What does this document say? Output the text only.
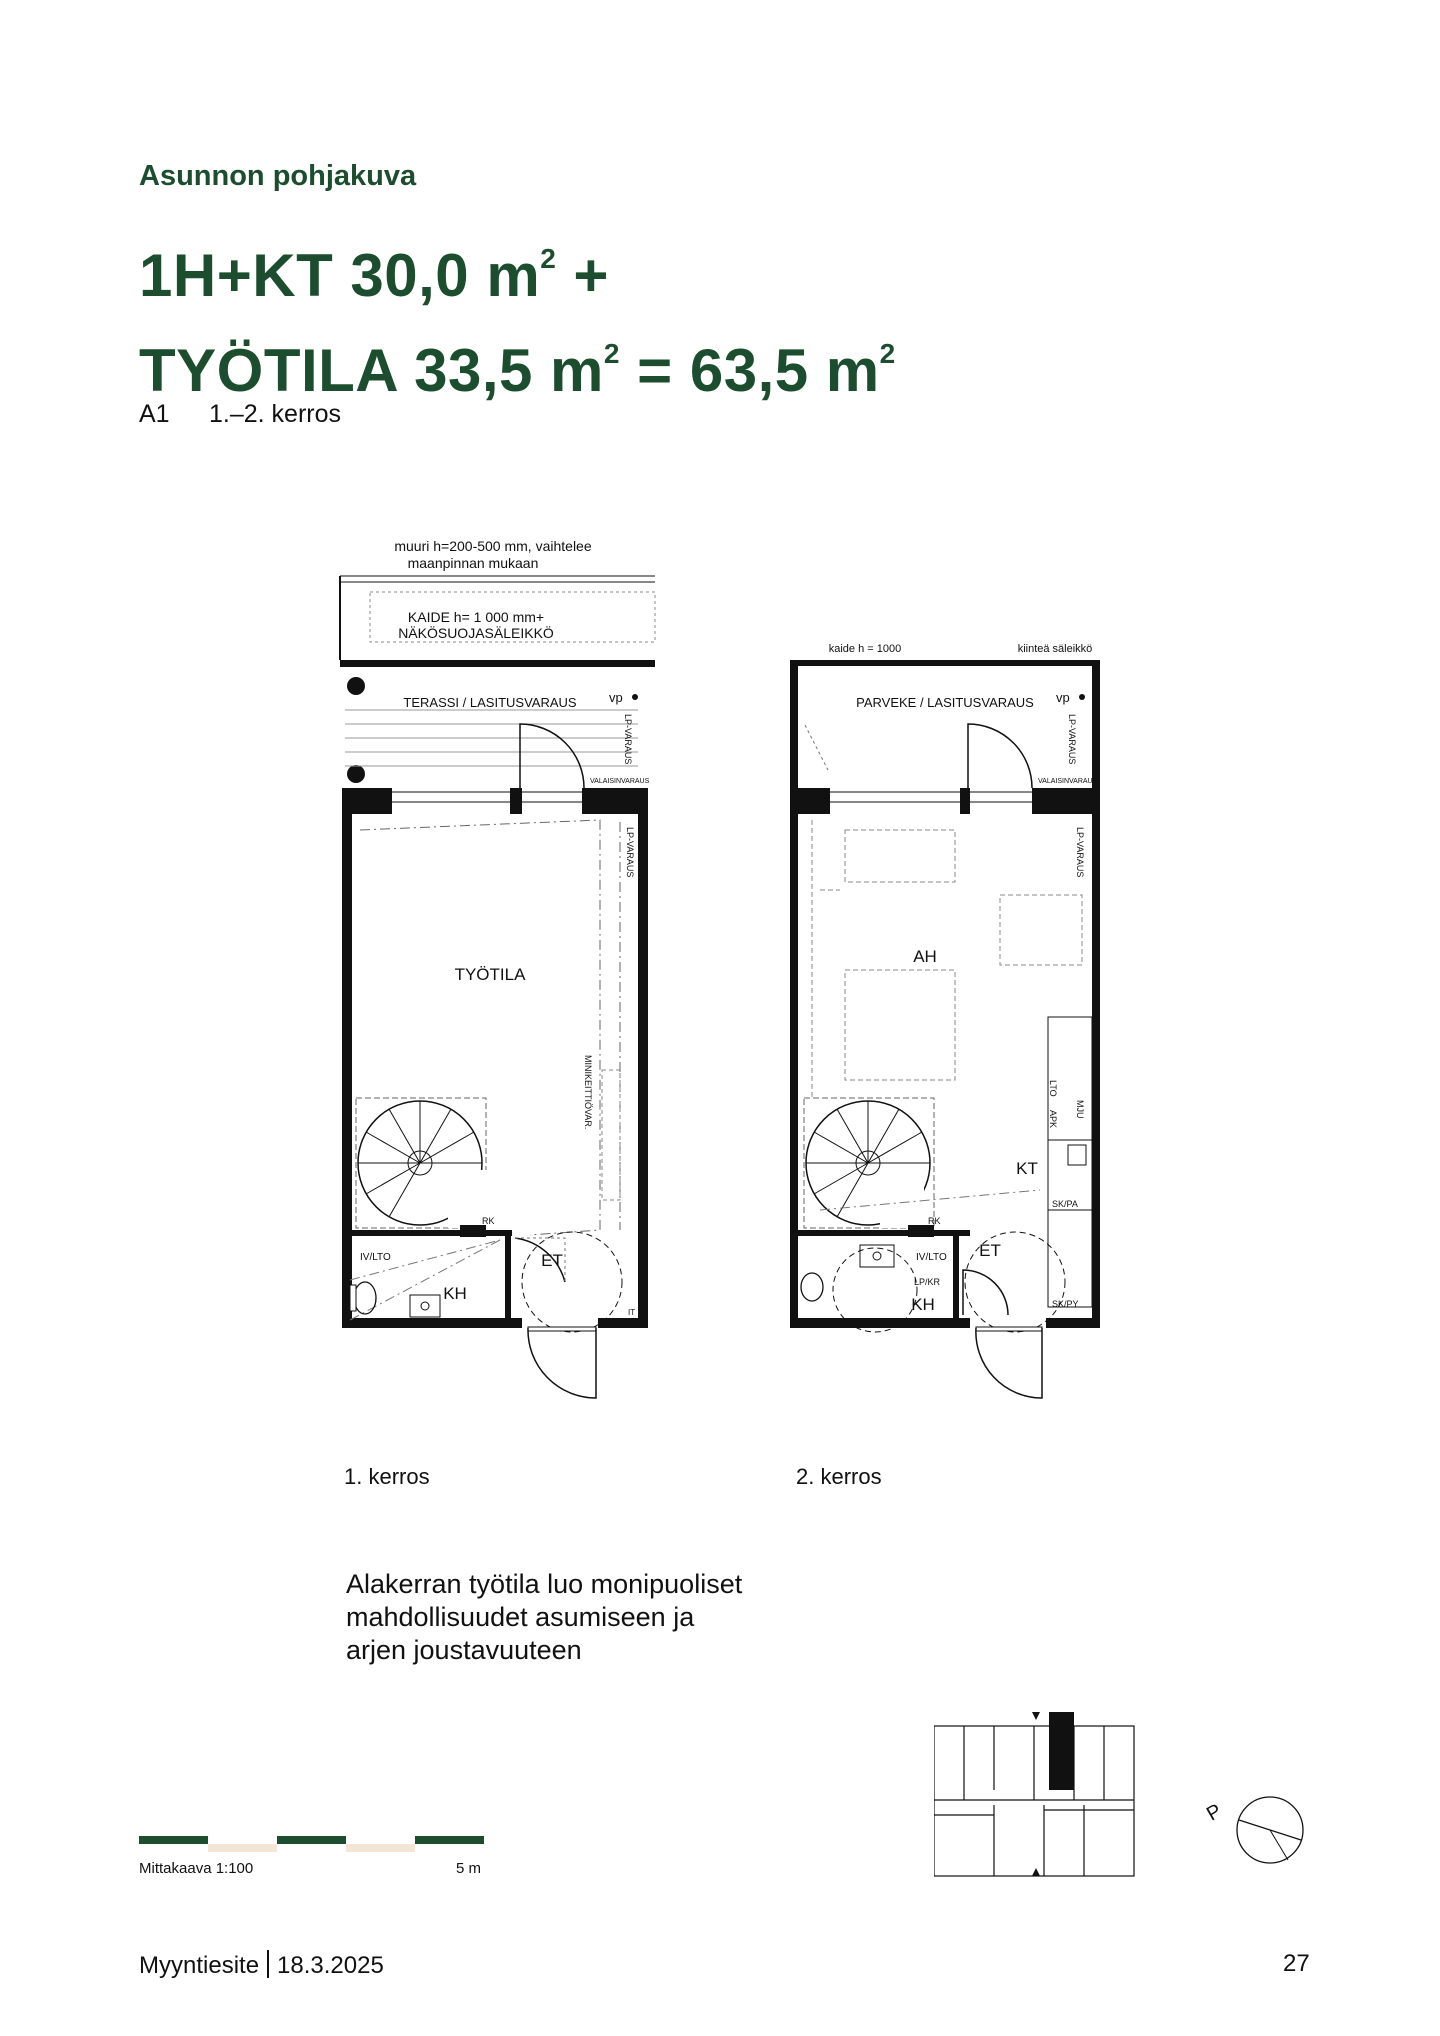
Asunnon pohjakuva
1H+KT 30,0 $m^2$ +
TYÖTILA 33,5 $m^2 = 63,5$ $m^2$
A1 1.–2. kerros
muuri h=200-500 mm, vaihtelee
maanpinnan mukaan
KAIDE h= 1 000 mm+
NÄKÖSUOJASÄLEIKKÖ
TERASSI / LASITUSVARAUS vp
LP-VARAUS
VALAISINVARAUS
LP-VARAUS
TYÖTILA
MINIKEITTIÖVAR.
RK
IV/LTO
KH
ET
IT
kaide h = 1000	kiinteä säleikkö
PARVEKE / LASITUSVARAUS vp
LP-VARAUS
VALAISINVARAUS
LP-VARAUS
AH
LTO
APK
MJU
KT
SK/PA
RK
IV/LTO
LP/KR
KH
ET
SK/PY
1. kerros	2. kerros
Alakerran työtila luo monipuoliset
mahdollisuudet asumiseen ja
arjen joustavuuteen
Mittakaava 1:100	5 m
P
Myyntiesite 18.3.2025	27
